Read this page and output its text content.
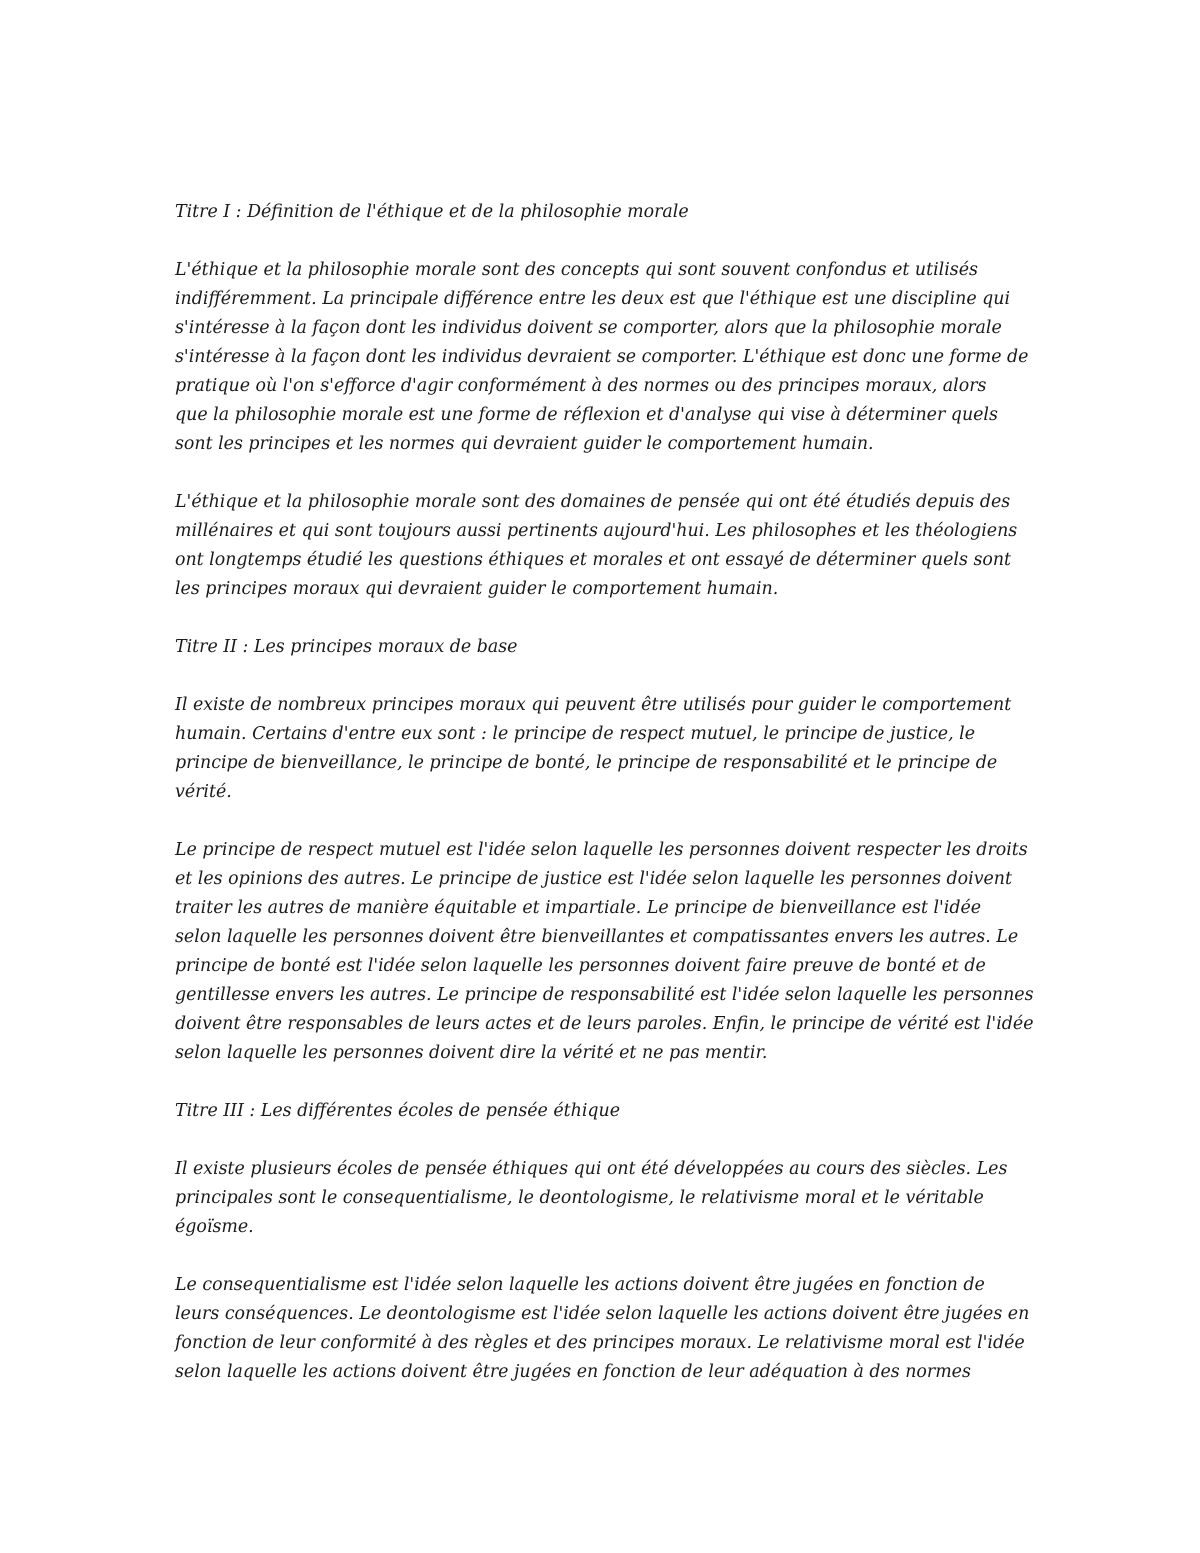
Titre I : Définition de l'éthique et de la philosophie morale
L'éthique et la philosophie morale sont des concepts qui sont souvent confondus et utilisés
indifféremment. La principale différence entre les deux est que l'éthique est une discipline qui
s'intéresse à la façon dont les individus doivent se comporter, alors que la philosophie morale
s'intéresse à la façon dont les individus devraient se comporter. L'éthique est donc une forme de
pratique où l'on s'efforce d'agir conformément à des normes ou des principes moraux, alors
que la philosophie morale est une forme de réflexion et d'analyse qui vise à déterminer quels
sont les principes et les normes qui devraient guider le comportement humain.
L'éthique et la philosophie morale sont des domaines de pensée qui ont été étudiés depuis des
millénaires et qui sont toujours aussi pertinents aujourd'hui. Les philosophes et les théologiens
ont longtemps étudié les questions éthiques et morales et ont essayé de déterminer quels sont
les principes moraux qui devraient guider le comportement humain.
Titre II : Les principes moraux de base
Il existe de nombreux principes moraux qui peuvent être utilisés pour guider le comportement
humain. Certains d'entre eux sont : le principe de respect mutuel, le principe de justice, le
principe de bienveillance, le principe de bonté, le principe de responsabilité et le principe de
vérité.
Le principe de respect mutuel est l'idée selon laquelle les personnes doivent respecter les droits
et les opinions des autres. Le principe de justice est l'idée selon laquelle les personnes doivent
traiter les autres de manière équitable et impartiale. Le principe de bienveillance est l'idée
selon laquelle les personnes doivent être bienveillantes et compatissantes envers les autres. Le
principe de bonté est l'idée selon laquelle les personnes doivent faire preuve de bonté et de
gentillesse envers les autres. Le principe de responsabilité est l'idée selon laquelle les personnes
doivent être responsables de leurs actes et de leurs paroles. Enfin, le principe de vérité est l'idée
selon laquelle les personnes doivent dire la vérité et ne pas mentir.
Titre III : Les différentes écoles de pensée éthique
Il existe plusieurs écoles de pensée éthiques qui ont été développées au cours des siècles. Les
principales sont le consequentialisme, le deontologisme, le relativisme moral et le véritable
égoïsme.
Le consequentialisme est l'idée selon laquelle les actions doivent être jugées en fonction de
leurs conséquences. Le deontologisme est l'idée selon laquelle les actions doivent être jugées en
fonction de leur conformité à des règles et des principes moraux. Le relativisme moral est l'idée
selon laquelle les actions doivent être jugées en fonction de leur adéquation à des normes
